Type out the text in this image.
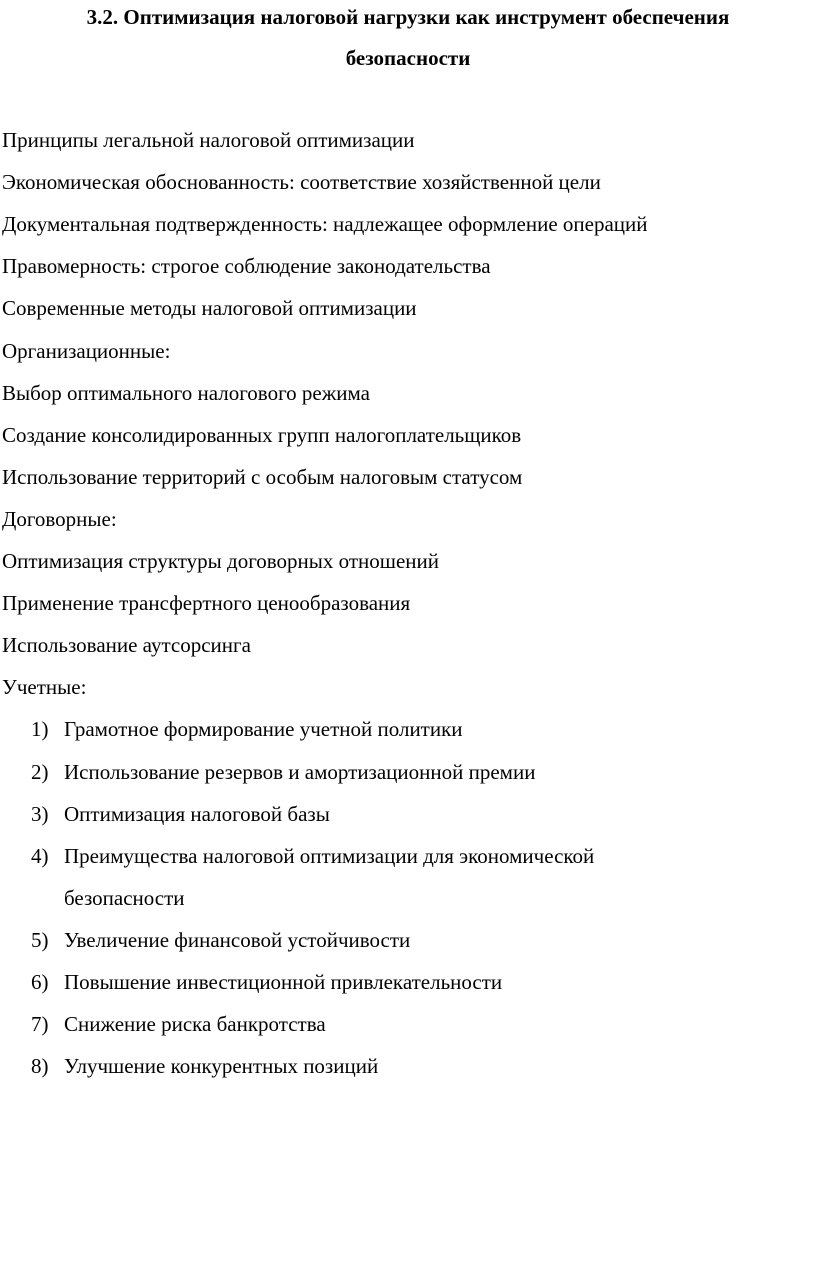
3.2. Оптимизация налоговой нагрузки как инструмент обеспечения
безопасности

Принципы легальной налоговой оптимизации

Экономическая обоснованность: соответствие хозяйственной цели

Документальная подтвержденность: надлежащее оформление операций

Правомерность: строгое соблюдение законодательства

Современные методы налоговой оптимизации

Организационные:

Выбор оптимального налогового режима

Создание консолидированных групп налогоплательщиков

Использование территорий с особым налоговым статусом

Договорные:

Оптимизация структуры договорных отношений

Применение трансфертного ценообразования

Использование аутсорсинга

Учетные:

1) Грамотное формирование учетной политики
2) Использование резервов и амортизационной премии
3) Оптимизация налоговой базы
4) Преимущества налоговой оптимизации для экономической
безопасности
5) Увеличение финансовой устойчивости
6) Повышение инвестиционной привлекательности
7) Снижение риска банкротства
8) Улучшение конкурентных позиций
